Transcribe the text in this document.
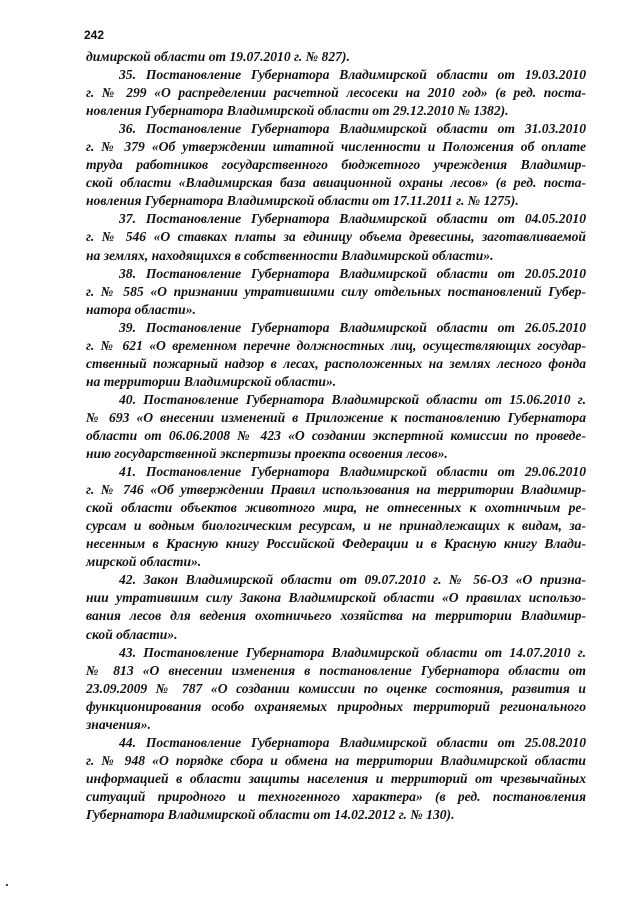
242
димирской области от 19.07.2010 г. № 827).
35. Постановление Губернатора Владимирской области от 19.03.2010
г. № 299 «О распределении расчетной лесосеки на 2010 год» (в ред. поста-
новления Губернатора Владимирской области от 29.12.2010 № 1382).
36. Постановление Губернатора Владимирской области от 31.03.2010
г. № 379 «Об утверждении штатной численности и Положения об оплате
труда работников государственного бюджетного учреждения Владимир-
ской области «Владимирская база авиационной охраны лесов» (в ред. поста-
новления Губернатора Владимирской области от 17.11.2011 г. № 1275).
37. Постановление Губернатора Владимирской области от 04.05.2010
г. № 546 «О ставках платы за единицу объема древесины, заготавливаемой
на землях, находящихся в собственности Владимирской области».
38. Постановление Губернатора Владимирской области от 20.05.2010
г. № 585 «О признании утратившими силу отдельных постановлений Губер-
натора области».
39. Постановление Губернатора Владимирской области от 26.05.2010
г. № 621 «О временном перечне должностных лиц, осуществляющих государ-
ственный пожарный надзор в лесах, расположенных на землях лесного фонда
на территории Владимирской области».
40. Постановление Губернатора Владимирской области от 15.06.2010 г.
№ 693 «О внесении изменений в Приложение к постановлению Губернатора
области от 06.06.2008 № 423 «О создании экспертной комиссии по проведе-
нию государственной экспертизы проекта освоения лесов».
41. Постановление Губернатора Владимирской области от 29.06.2010
г. № 746 «Об утверждении Правил использования на территории Владимир-
ской области объектов животного мира, не отнесенных к охотничьим ре-
сурсам и водным биологическим ресурсам, и не принадлежащих к видам, за-
несенным в Красную книгу Российской Федерации и в Красную книгу Влади-
мирской области».
42. Закон Владимирской области от 09.07.2010 г. № 56-ОЗ «О призна-
нии утратившим силу Закона Владимирской области «О правилах использо-
вания лесов для ведения охотничьего хозяйства на территории Владимир-
ской области».
43. Постановление Губернатора Владимирской области от 14.07.2010 г.
№ 813 «О внесении изменения в постановление Губернатора области от
23.09.2009 № 787 «О создании комиссии по оценке состояния, развития и
функционирования особо охраняемых природных территорий регионального
значения».
44. Постановление Губернатора Владимирской области от 25.08.2010
г. № 948 «О порядке сбора и обмена на территории Владимирской области
информацией в области защиты населения и территорий от чрезвычайных
ситуаций природного и техногенного характера» (в ред. постановления
Губернатора Владимирской области от 14.02.2012 г. № 130).
